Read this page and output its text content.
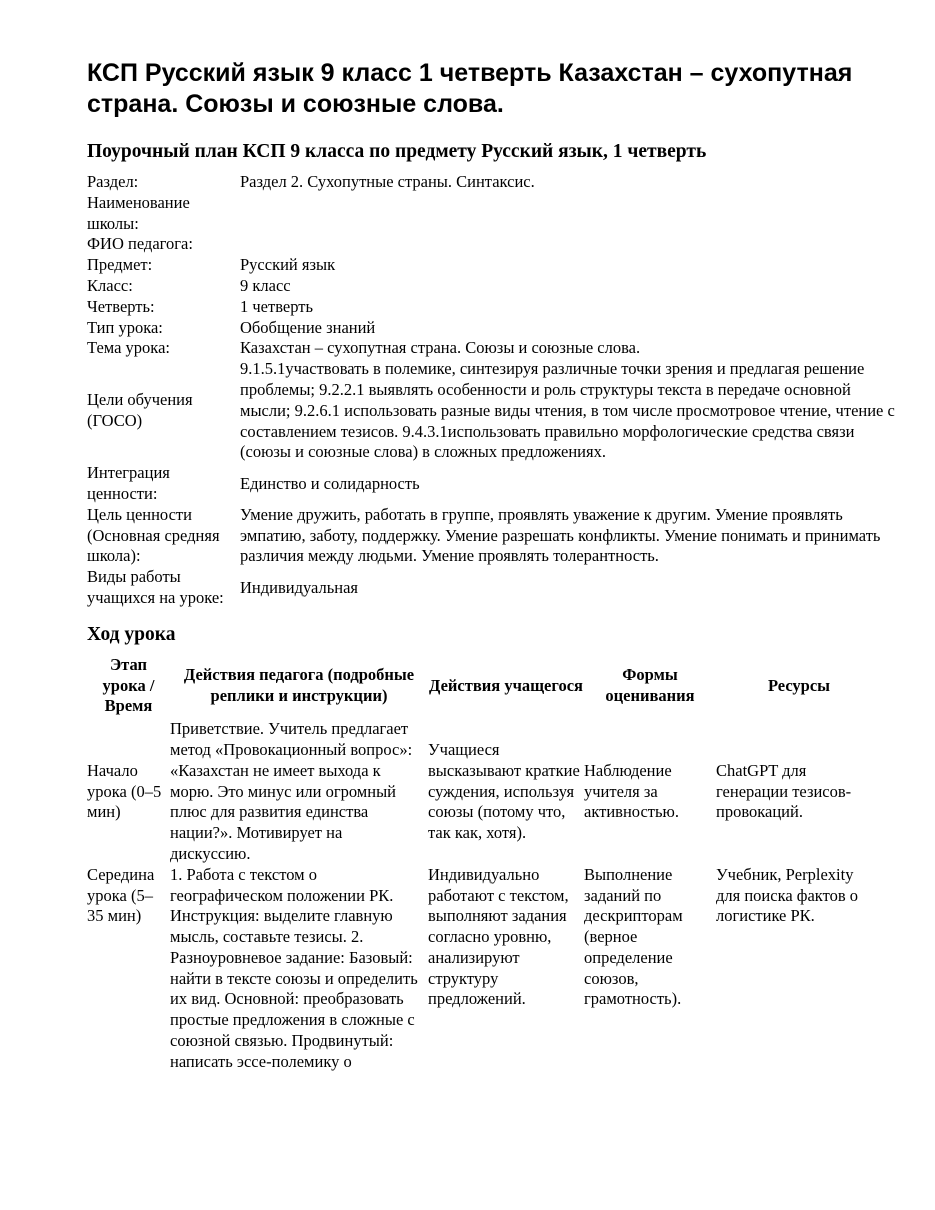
КСП Русский язык 9 класс 1 четверть Казахстан – сухопутная страна. Союзы и союзные слова.
Поурочный план КСП 9 класса по предмету Русский язык, 1 четверть
Раздел:	Раздел 2. Сухопутные страны. Синтаксис.
Наименование школы:	
ФИО педагога:	
Предмет:	Русский язык
Класс:	9 класс
Четверть:	1 четверть
Тип урока:	Обобщение знаний
Тема урока:	Казахстан – сухопутная страна. Союзы и союзные слова.
Цели обучения (ГОСО)	9.1.5.1участвовать в полемике, синтезируя различные точки зрения и предлагая решение проблемы; 9.2.2.1 выявлять особенности и роль структуры текста в передаче основной мысли; 9.2.6.1 использовать разные виды чтения, в том числе просмотровое чтение, чтение с составлением тезисов. 9.4.3.1использовать правильно морфологические средства связи (союзы и союзные слова) в сложных предложениях.
Интеграция ценности:	Единство и солидарность
Цель ценности (Основная средняя школа):	Умение дружить, работать в группе, проявлять уважение к другим. Умение проявлять эмпатию, заботу, поддержку. Умение разрешать конфликты. Умение понимать и принимать различия между людьми. Умение проявлять толерантность.
Виды работы учащихся на уроке:	Индивидуальная
Ход урока
Этап урока / Время	Действия педагога (подробные реплики и инструкции)	Действия учащегося	Формы оценивания	Ресурсы
Начало урока (0–5 мин)	Приветствие. Учитель предлагает метод «Провокационный вопрос»: «Казахстан не имеет выхода к морю. Это минус или огромный плюс для развития единства нации?». Мотивирует на дискуссию.	Учащиеся высказывают краткие суждения, используя союзы (потому что, так как, хотя).	Наблюдение учителя за активностью.	ChatGPT для генерации тезисов-провокаций.
Середина урока (5–35 мин)	1. Работа с текстом о географическом положении РК. Инструкция: выделите главную мысль, составьте тезисы. 2. Разноуровневое задание: Базовый: найти в тексте союзы и определить их вид. Основной: преобразовать простые предложения в сложные с союзной связью. Продвинутый: написать эссе-полемику о	Индивидуально работают с текстом, выполняют задания согласно уровню, анализируют структуру предложений.	Выполнение заданий по дескрипторам (верное определение союзов, грамотность).	Учебник, Perplexity для поиска фактов о логистике РК.
